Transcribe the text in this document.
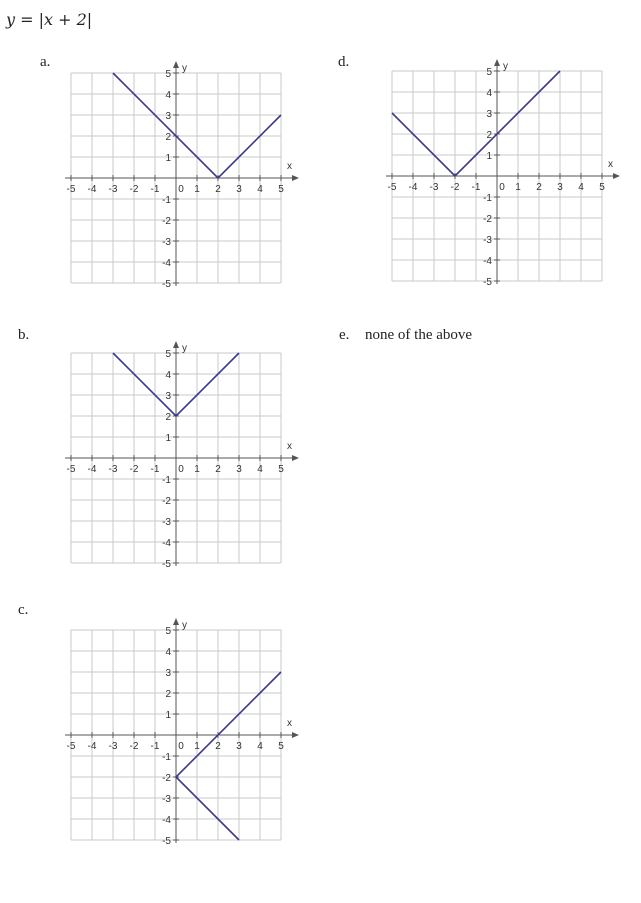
y = |x + 2|
a.
x
y
-5 -4 -3 -2 -1	1 2 3 4 5
0
5
4
3
2
1
-1
-2
-3
-4
-5
d.
x
y
-5 -4 -3 -2 -1	1 2 3 4 5
0
5
4
3
2
1
-1
-2
-3
-4
-5
b.
x
y
-5 -4 -3 -2 -1	1 2 3 4 5
0
5
4
3
2
1
-1
-2
-3
-4
-5
e. none of the above
c.
x
y
-5 -4 -3 -2 -1	1 2 3 4 5
0
5
4
3
2
1
-1
-2
-3
-4
-5
